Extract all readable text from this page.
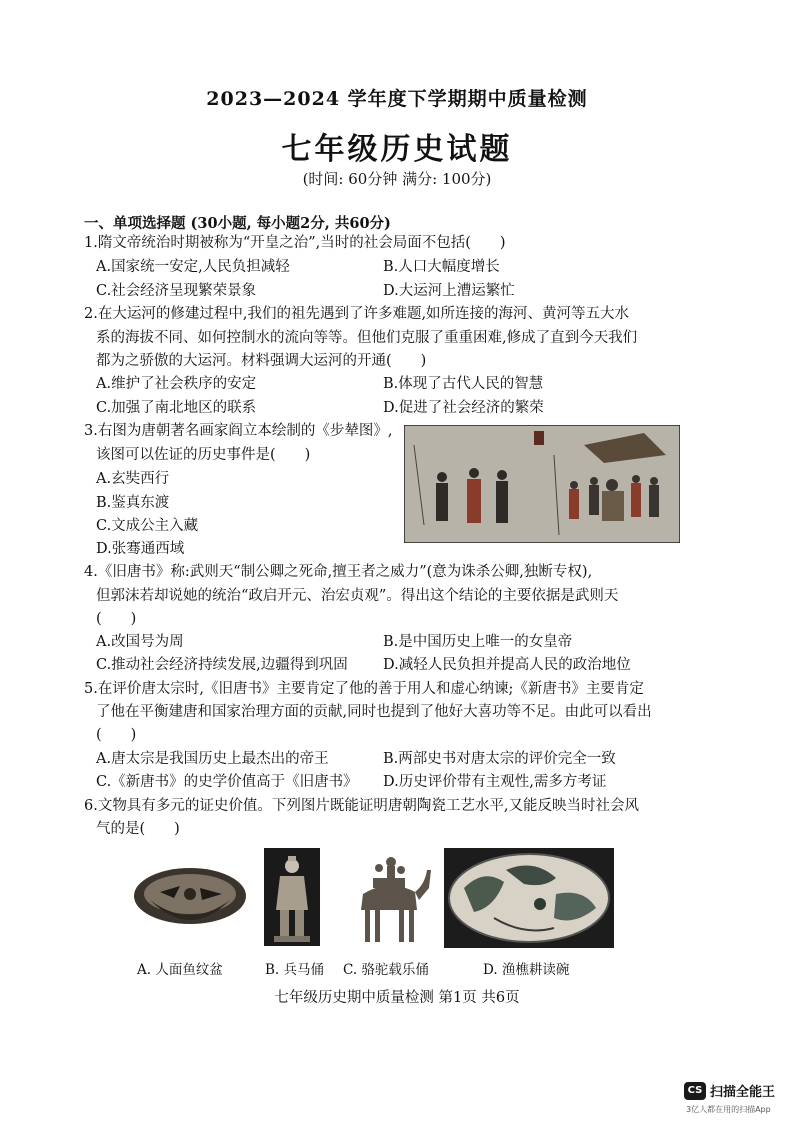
2023—2024 学年度下学期期中质量检测
七年级历史试题
(时间: 60分钟 满分: 100分)
一、单项选择题 (30小题, 每小题2分, 共60分)
1.隋文帝统治时期被称为“开皇之治”,当时的社会局面不包括(　　)
A.国家统一安定,人民负担减轻	B.人口大幅度增长
C.社会经济呈现繁荣景象	D.大运河上漕运繁忙
2.在大运河的修建过程中,我们的祖先遇到了许多难题,如所连接的海河、黄河等五大水
系的海拔不同、如何控制水的流向等等。但他们克服了重重困难,修成了直到今天我们
都为之骄傲的大运河。材料强调大运河的开通(　　)
A.维护了社会秩序的安定	B.体现了古代人民的智慧
C.加强了南北地区的联系	D.促进了社会经济的繁荣
3.右图为唐朝著名画家阎立本绘制的《步辇图》,
该图可以佐证的历史事件是(　　)
A.玄奘西行
B.鉴真东渡
C.文成公主入藏
D.张骞通西域
4.《旧唐书》称:武则天“制公卿之死命,擅王者之威力”(意为诛杀公卿,独断专权),
但郭沫若却说她的统治“政启开元、治宏贞观”。得出这个结论的主要依据是武则天
(　　)
A.改国号为周	B.是中国历史上唯一的女皇帝
C.推动社会经济持续发展,边疆得到巩固 D.减轻人民负担并提高人民的政治地位
5.在评价唐太宗时,《旧唐书》主要肯定了他的善于用人和虚心纳谏;《新唐书》主要肯定
了他在平衡建唐和国家治理方面的贡献,同时也提到了他好大喜功等不足。由此可以看出
(　　)
A.唐太宗是我国历史上最杰出的帝王	B.两部史书对唐太宗的评价完全一致
C.《新唐书》的史学价值高于《旧唐书》 D.历史评价带有主观性,需多方考证
6.文物具有多元的证史价值。下列图片既能证明唐朝陶瓷工艺水平,又能反映当时社会风
气的是(　　)
A. 人面鱼纹盆	B. 兵马俑 C. 骆驼载乐俑	D. 渔樵耕读碗
七年级历史期中质量检测 第1页 共6页
CS 扫描全能王
3亿人都在用的扫描App
